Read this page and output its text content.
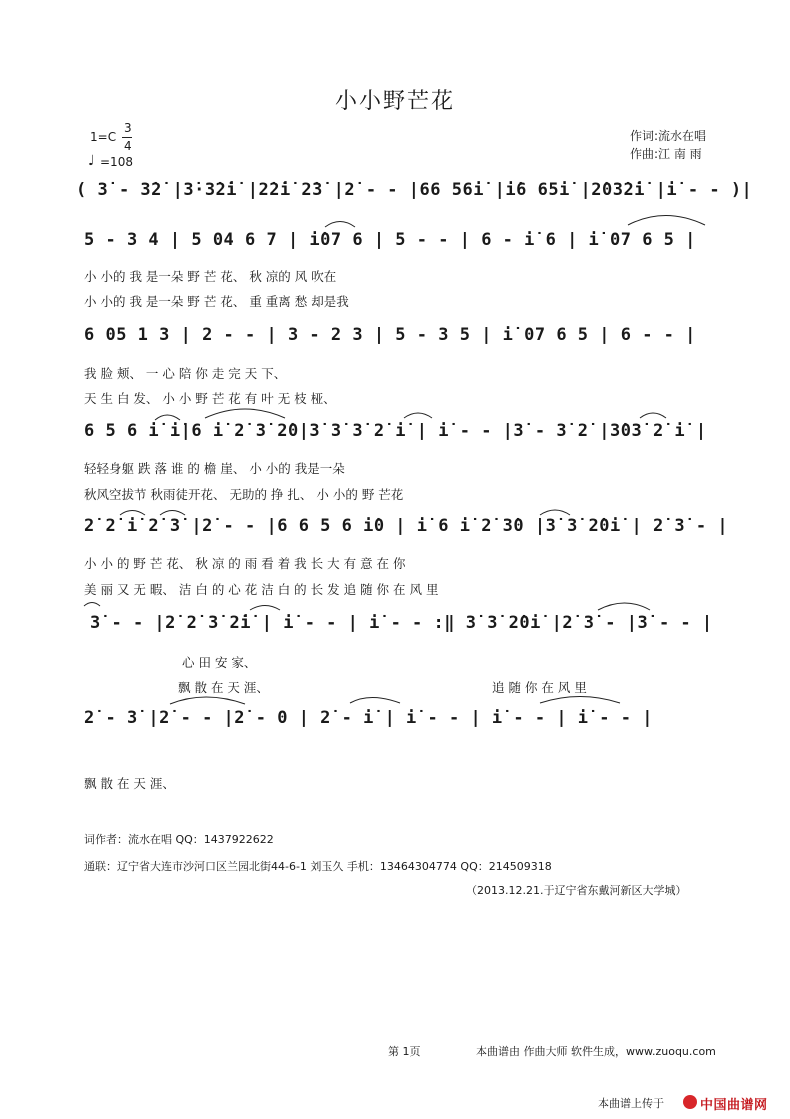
小小野芒花
1=C
3
4
♩ =108
作词:流水在唱
作曲:江 南 雨
( 3̇ - 3̇2̇ |3̇·3̇2̇i̇ |2̇2̇i̇ 2̇3̇ |2̇ - - |66 56i̇ |i̇6 65i̇ |2̇03̇2̇i̇ |i̇ - - )|
5 - 3 4 | 5 04 6 7 | i̇07 6 | 5 - - | 6 - i̇ 6 | i̇ 07 6 5 |
小 小的 我 是一朵 野 芒 花、 秋 凉的 风 吹在
小 小的 我 是一朵 野 芒 花、 重 重离 愁 却是我
6 05 1 3 | 2 - - | 3 - 2 3 | 5 - 3 5 | i̇ 07 6 5 | 6 - - |
我 脸 颊、 一 心 陪 你 走 完 天 下、
天 生 白 发、 小 小 野 芒 花 有 叶 无 枝 桠、
6 5 6 i̇ i̇|6 i̇ 2̇ 3̇ 2̇0|3̇ 3̇ 3̇ 2̇ i̇ | i̇ - - |3̇ - 3̇ 2̇ |3̇03̇ 2̇ i̇ |
轻轻身躯 跌 落 谁 的 檐 崖、 小 小的 我是一朵
秋风空拔节 秋雨徒开花、 无助的 挣 扎、 小 小的 野 芒花
2̇ 2̇ i̇ 2̇ 3̇ |2̇ - - |6 6 5 6 i̇0 | i̇ 6 i̇ 2̇ 3̇0 |3̇ 3̇ 2̇0i̇ | 2̇ 3̇ - |
小 小 的 野 芒 花、 秋 凉 的 雨 看 着 我 长 大 有 意 在 你
美 丽 又 无 暇、 洁 白 的 心 花 洁 白 的 长 发 追 随 你 在 风 里
3̇ - - |2̇ 2̇ 3̇ 2̇i̇ | i̇ - - | i̇ - - :‖ 3̇ 3̇ 2̇0i̇ |2̇ 3̇ - |3̇ - - |
心 田 安 家、
飘 散 在 天 涯、	追 随 你 在 风 里
2̇ - 3̇ |2̇ - - |2̇ - 0 | 2̇ - i̇ | i̇ - - | i̇ - - | i̇ - - |
飘 散 在 天 涯、
词作者：流水在唱 QQ：1437922622
通联：辽宁省大连市沙河口区兰园北街44-6-1 刘玉久 手机：13464304774 QQ：214509318
（2013.12.21.于辽宁省东戴河新区大学城）
第 1页	本曲谱由 作曲大师 软件生成，www.zuoqu.com
本曲谱上传于	中国曲谱网
